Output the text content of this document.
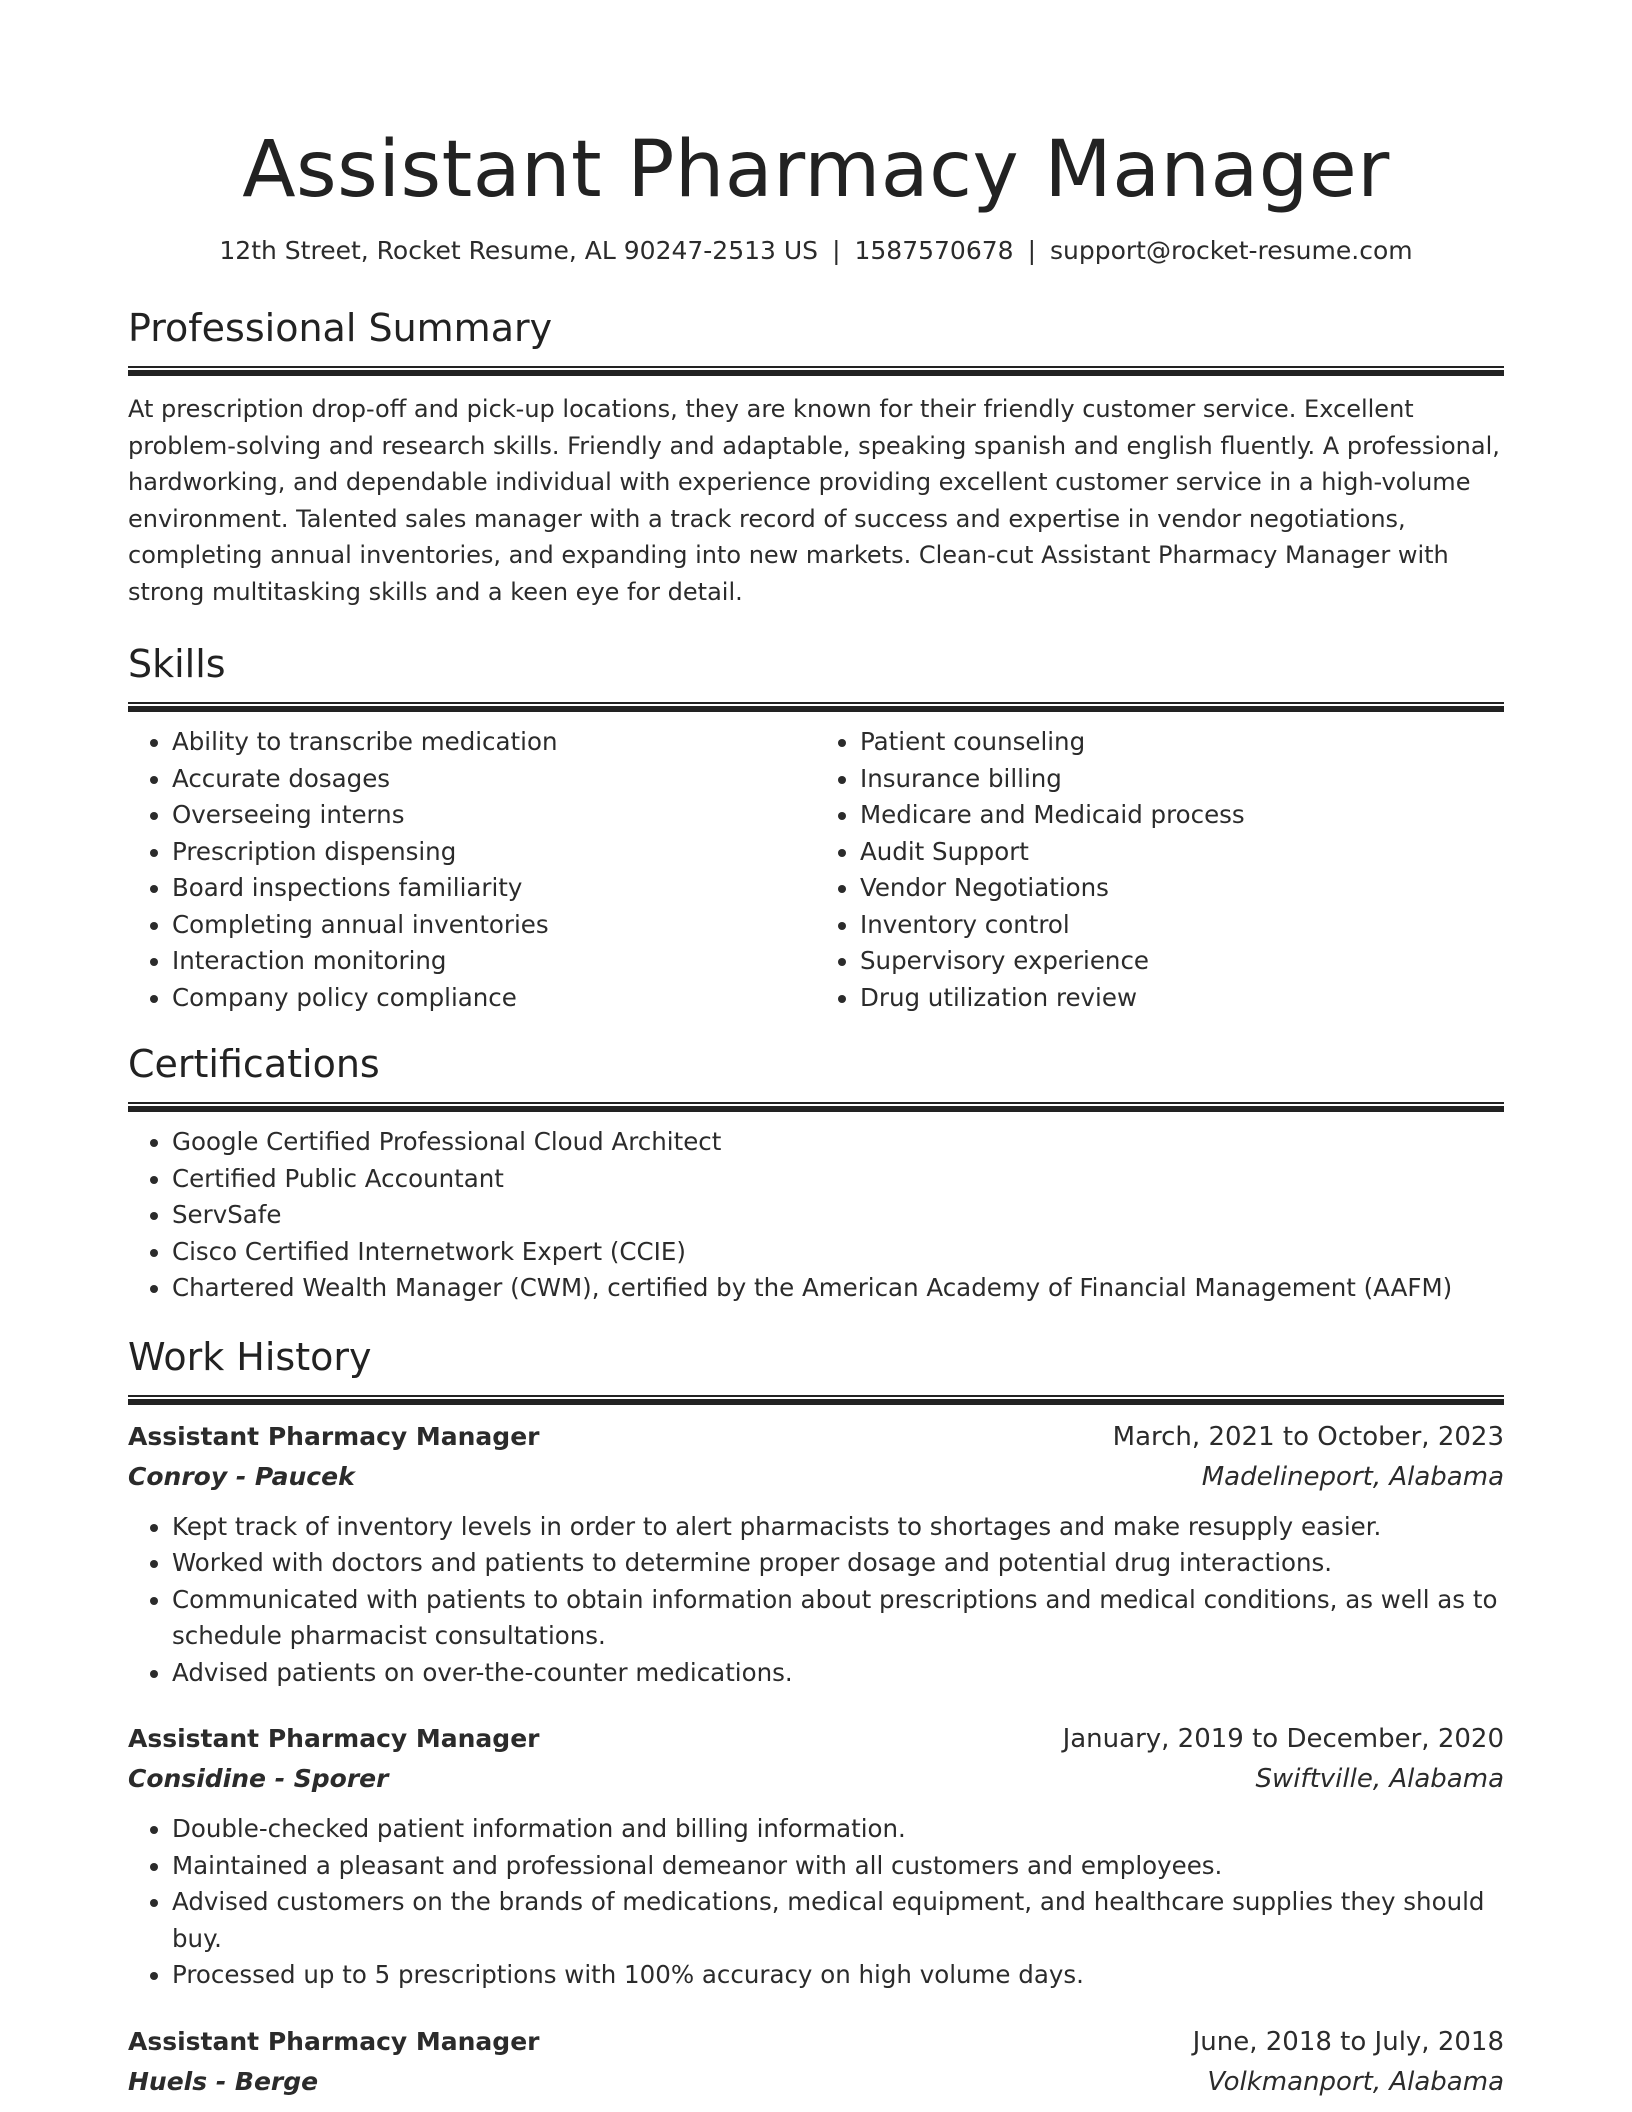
Assistant Pharmacy Manager
12th Street, Rocket Resume, AL 90247-2513 US | 1587570678 | support@rocket-resume.com
Professional Summary

At prescription drop-off and pick-up locations, they are known for their friendly customer service. Excellent problem-solving and research skills. Friendly and adaptable, speaking spanish and english fluently. A professional, hardworking, and dependable individual with experience providing excellent customer service in a high-volume environment. Talented sales manager with a track record of success and expertise in vendor negotiations, completing annual inventories, and expanding into new markets. Clean-cut Assistant Pharmacy Manager with strong multitasking skills and a keen eye for detail.

Skills
• Ability to transcribe medication
• Accurate dosages
• Overseeing interns
• Prescription dispensing
• Board inspections familiarity
• Completing annual inventories
• Interaction monitoring
• Company policy compliance
• Patient counseling
• Insurance billing
• Medicare and Medicaid process
• Audit Support
• Vendor Negotiations
• Inventory control
• Supervisory experience
• Drug utilization review
Certifications
• Google Certified Professional Cloud Architect
• Certified Public Accountant
• ServSafe
• Cisco Certified Internetwork Expert (CCIE)
• Chartered Wealth Manager (CWM), certified by the American Academy of Financial Management (AAFM)
Work History
Assistant Pharmacy Manager	March, 2021 to October, 2023
Conroy - Paucek	Madelineport, Alabama
• Kept track of inventory levels in order to alert pharmacists to shortages and make resupply easier.
• Worked with doctors and patients to determine proper dosage and potential drug interactions.
• Communicated with patients to obtain information about prescriptions and medical conditions, as well as to schedule pharmacist consultations.
• Advised patients on over-the-counter medications.
Assistant Pharmacy Manager	January, 2019 to December, 2020
Considine - Sporer	Swiftville, Alabama
• Double-checked patient information and billing information.
• Maintained a pleasant and professional demeanor with all customers and employees.
• Advised customers on the brands of medications, medical equipment, and healthcare supplies they should buy.
• Processed up to 5 prescriptions with 100% accuracy on high volume days.
Assistant Pharmacy Manager	June, 2018 to July, 2018
Huels - Berge	Volkmanport, Alabama
